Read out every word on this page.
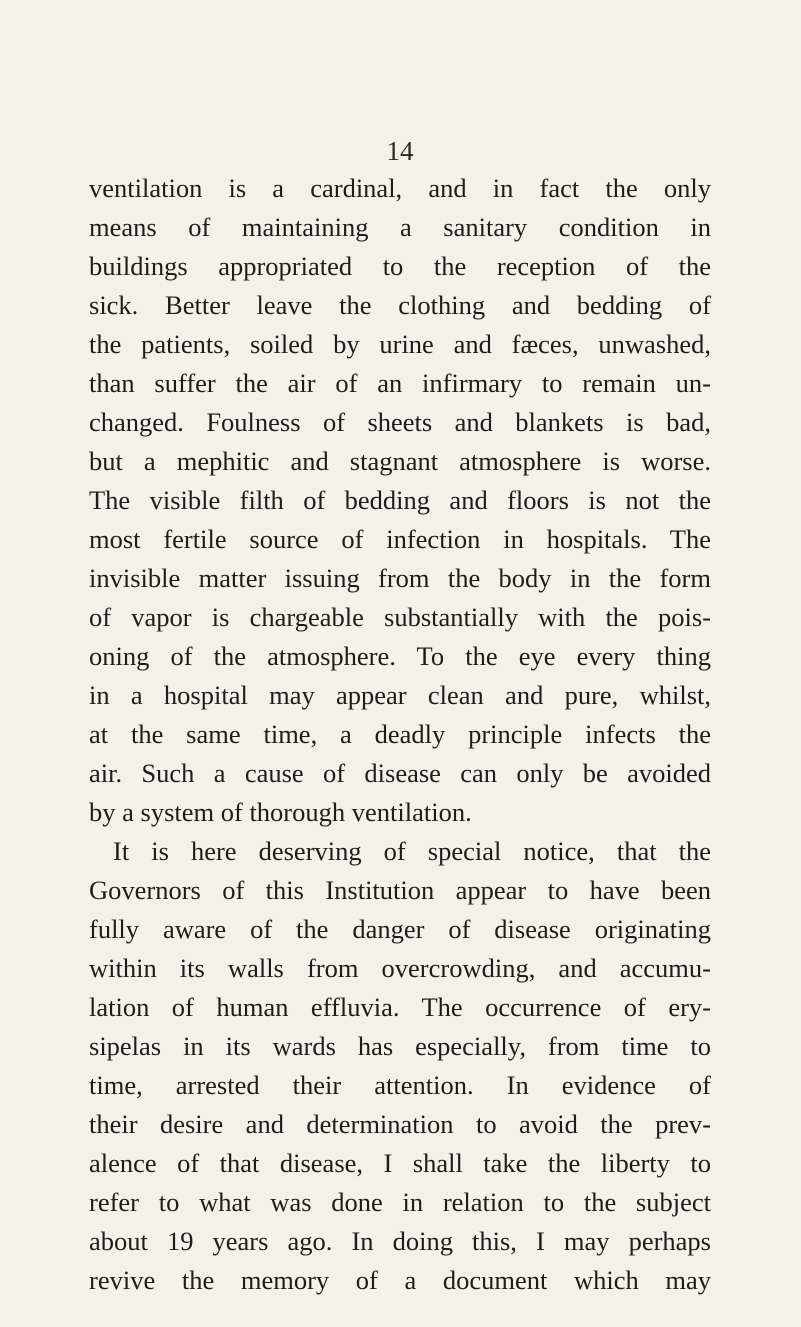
14
ventilation is a cardinal, and in fact the only
means of maintaining a sanitary condition in
buildings appropriated to the reception of the
sick. Better leave the clothing and bedding of
the patients, soiled by urine and fæces, unwashed,
than suffer the air of an infirmary to remain un-
changed. Foulness of sheets and blankets is bad,
but a mephitic and stagnant atmosphere is worse.
The visible filth of bedding and floors is not the
most fertile source of infection in hospitals. The
invisible matter issuing from the body in the form
of vapor is chargeable substantially with the pois-
oning of the atmosphere. To the eye every thing
in a hospital may appear clean and pure, whilst,
at the same time, a deadly principle infects the
air. Such a cause of disease can only be avoided
by a system of thorough ventilation.
It is here deserving of special notice, that the
Governors of this Institution appear to have been
fully aware of the danger of disease originating
within its walls from overcrowding, and accumu-
lation of human effluvia. The occurrence of ery-
sipelas in its wards has especially, from time to
time, arrested their attention. In evidence of
their desire and determination to avoid the prev-
alence of that disease, I shall take the liberty to
refer to what was done in relation to the subject
about 19 years ago. In doing this, I may perhaps
revive the memory of a document which may
